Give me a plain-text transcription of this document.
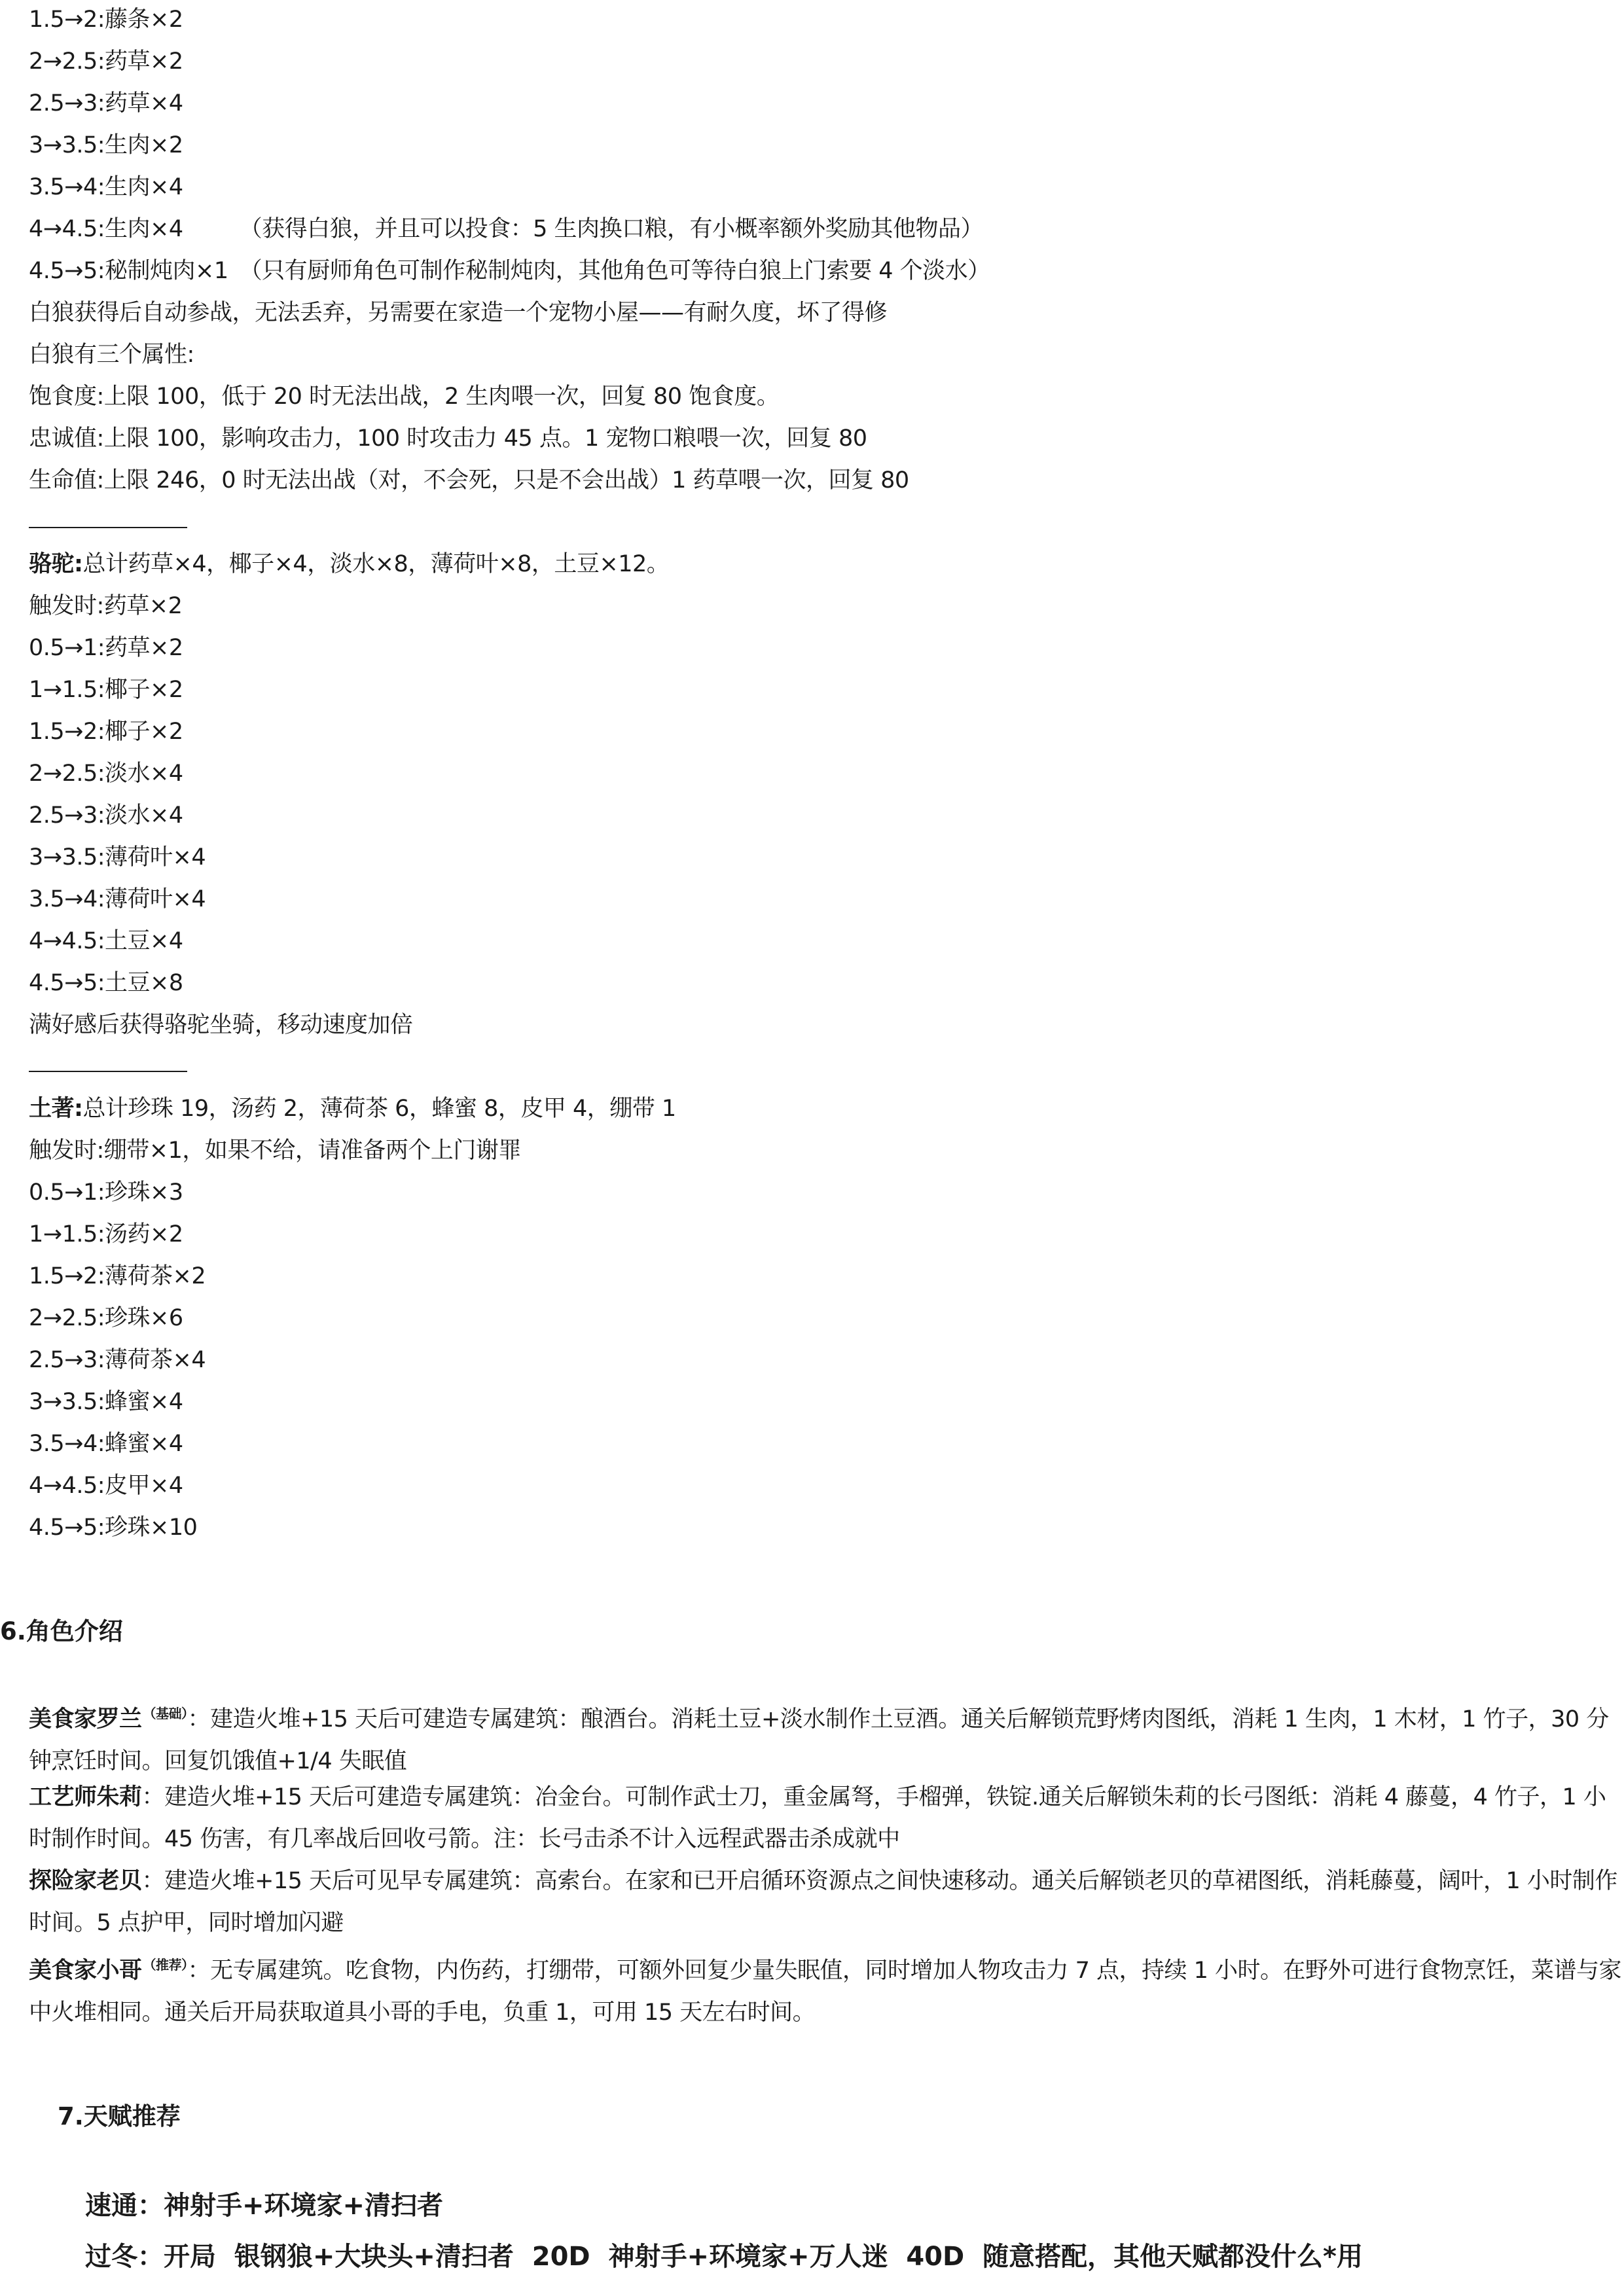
1.5→2:藤条×2

2→2.5:药草×2

2.5→3:药草×4

3→3.5:生肉×2

3.5→4:生肉×4

4→4.5:生肉×4　　　（获得白狼，并且可以投食：5 生肉换口粮，有小概率额外奖励其他物品）

4.5→5:秘制炖肉×1　（只有厨师角色可制作秘制炖肉，其他角色可等待白狼上门索要 4 个淡水）

白狼获得后自动参战，无法丢弃，另需要在家造一个宠物小屋——有耐久度，坏了得修

白狼有三个属性:

饱食度:上限 100，低于 20 时无法出战，2 生肉喂一次，回复 80 饱食度。

忠诚值:上限 100，影响攻击力，100 时攻击力 45 点。1 宠物口粮喂一次，回复 80

生命值:上限 246，0 时无法出战（对，不会死，只是不会出战）1 药草喂一次，回复 80

骆驼:总计药草×4，椰子×4，淡水×8，薄荷叶×8，土豆×12。

触发时:药草×2

0.5→1:药草×2

1→1.5:椰子×2

1.5→2:椰子×2

2→2.5:淡水×4

2.5→3:淡水×4

3→3.5:薄荷叶×4

3.5→4:薄荷叶×4

4→4.5:土豆×4

4.5→5:土豆×8

满好感后获得骆驼坐骑，移动速度加倍

土著:总计珍珠 19，汤药 2，薄荷茶 6，蜂蜜 8，皮甲 4，绷带 1

触发时:绷带×1，如果不给，请准备两个上门谢罪

0.5→1:珍珠×3

1→1.5:汤药×2

1.5→2:薄荷茶×2

2→2.5:珍珠×6

2.5→3:薄荷茶×4

3→3.5:蜂蜜×4

3.5→4:蜂蜜×4

4→4.5:皮甲×4

4.5→5:珍珠×10

6.角色介绍

美食家罗兰 $^{(基础)}$：建造火堆+15 天后可建造专属建筑：酿酒台。消耗土豆+淡水制作土豆酒。通关后解锁荒野烤肉图纸，消耗 1 生肉，1 木材，1 竹子，30 分钟烹饪时间。回复饥饿值+1/4 失眠值

工艺师朱莉：建造火堆+15 天后可建造专属建筑：冶金台。可制作武士刀，重金属弩，手榴弹，铁锭.通关后解锁朱莉的长弓图纸：消耗 4 藤蔓，4 竹子，1 小时制作时间。45 伤害，有几率战后回收弓箭。注：长弓击杀不计入远程武器击杀成就中

探险家老贝：建造火堆+15 天后可见早专属建筑：高索台。在家和已开启循环资源点之间快速移动。通关后解锁老贝的草裙图纸，消耗藤蔓，阔叶，1 小时制作时间。5 点护甲，同时增加闪避

美食家小哥 $^{(推荐)}$：无专属建筑。吃食物，内伤药，打绷带，可额外回复少量失眠值，同时增加人物攻击力 7 点，持续 1 小时。在野外可进行食物烹饪，菜谱与家中火堆相同。通关后开局获取道具小哥的手电，负重 1，可用 15 天左右时间。

7.天赋推荐

速通：神射手+环境家+清扫者

过冬：开局  银钢狼+大块头+清扫者  20D  神射手+环境家+万人迷  40D  随意搭配，其他天赋都没什么*用
